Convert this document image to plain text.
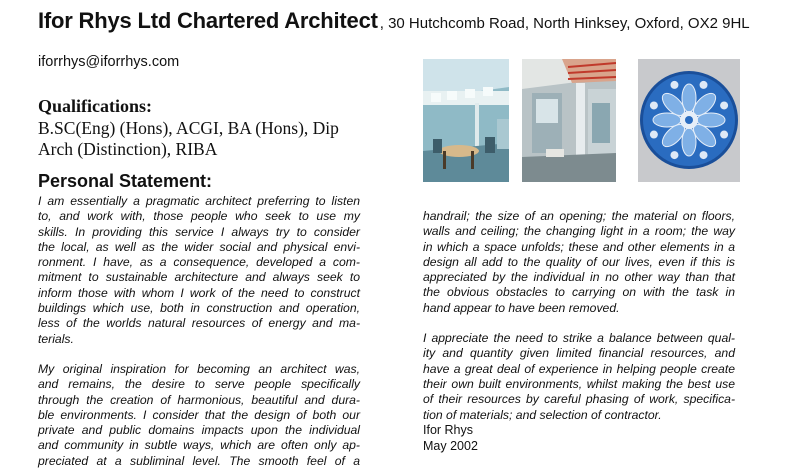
Ifor Rhys Ltd Chartered Architect , 30 Hutchcomb Road, North Hinksey, Oxford, OX2 9HL
iforrhys@iforrhys.com
Qualifications:
B.SC(Eng) (Hons), ACGI, BA (Hons), Dip
Arch (Distinction), RIBA
Personal Statement:
I am essentially a pragmatic architect preferring to listen
to, and work with, those people who seek to use my
skills. In providing this service I always try to consider
the local, as well as the wider social and physical envi-
ronment. I have, as a consequence, developed a com-
mitment to sustainable architecture and always seek to
inform those with whom I work of the need to construct
buildings which use, both in construction and operation,
less of the worlds natural resources of energy and ma-
terials.
My original inspiration for becoming an architect was,
and remains, the desire to serve people specifically
through the creation of harmonious, beautiful and dura-
ble environments. I consider that the design of both our
private and public domains impacts upon the individual
and community in subtle ways, which are often only ap-
preciated at a subliminal level. The smooth feel of a
handrail; the size of an opening; the material on floors,
walls and ceiling; the changing light in a room; the way
in which a space unfolds; these and other elements in a
design all add to the quality of our lives, even if this is
appreciated by the individual in no other way than that
the obvious obstacles to carrying on with the task in
hand appear to have been removed.
I appreciate the need to strike a balance between qual-
ity and quantity given limited financial resources, and
have a great deal of experience in helping people create
their own built environments, whilst making the best use
of their resources by careful phasing of work, specifica-
tion of materials; and selection of contractor.
Ifor Rhys
May 2002
